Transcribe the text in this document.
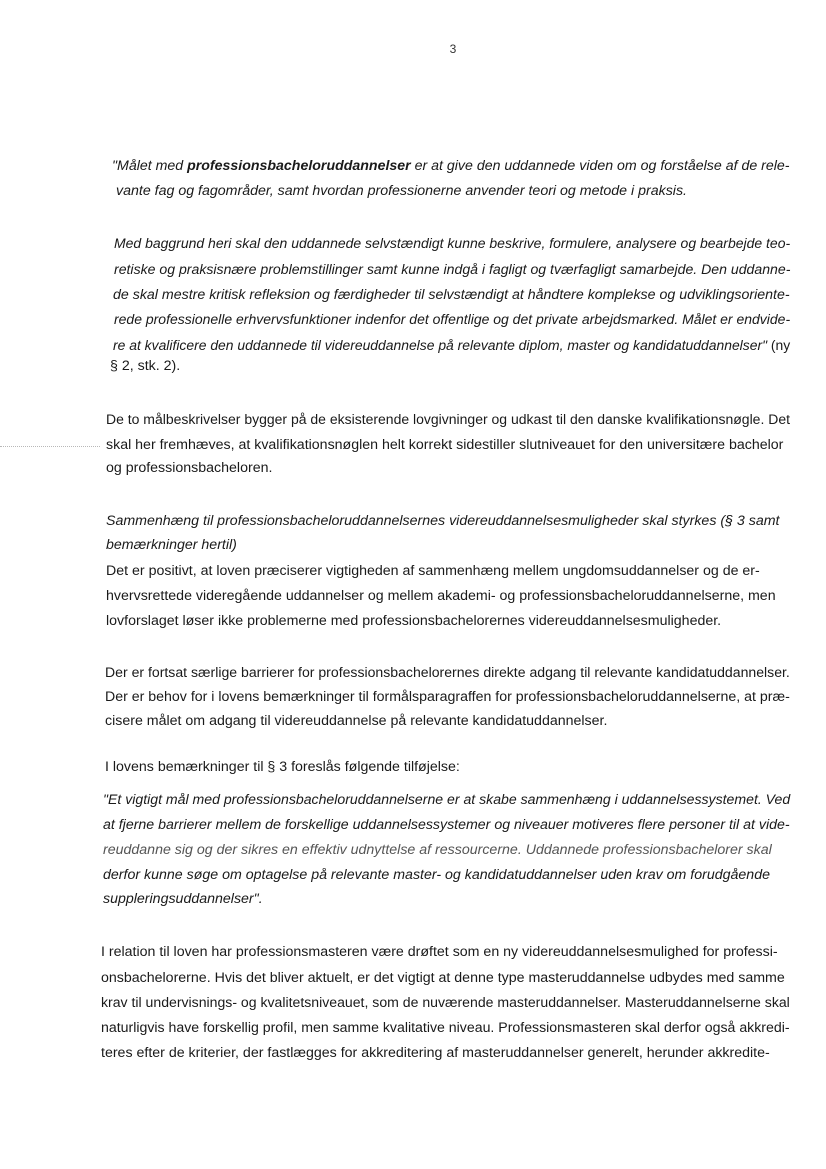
3
"Målet med professionsbacheloruddannelser er at give den uddannede viden om og forståelse af de rele-
vante fag og fagområder, samt hvordan professionerne anvender teori og metode i praksis.
Med baggrund heri skal den uddannede selvstændigt kunne beskrive, formulere, analysere og bearbejde teo-
retiske og praksisnære problemstillinger samt kunne indgå i fagligt og tværfagligt samarbejde. Den uddanne-
de skal mestre kritisk refleksion og færdigheder til selvstændigt at håndtere komplekse og udviklingsoriente-
rede professionelle erhvervsfunktioner indenfor det offentlige og det private arbejdsmarked. Målet er endvide-
re at kvalificere den uddannede til videreuddannelse på relevante diplom, master og kandidatuddannelser" (ny
§ 2, stk. 2).
De to målbeskrivelser bygger på de eksisterende lovgivninger og udkast til den danske kvalifikationsnøgle. Det
skal her fremhæves, at kvalifikationsnøglen helt korrekt sidestiller slutniveauet for den universitære bachelor
og professionsbacheloren.
Sammenhæng til professionsbacheloruddannelsernes videreuddannelsesmuligheder skal styrkes (§ 3 samt
bemærkninger hertil)
Det er positivt, at loven præciserer vigtigheden af sammenhæng mellem ungdomsuddannelser og de er-
hvervsrettede videregående uddannelser og mellem akademi- og professionsbacheloruddannelserne, men
lovforslaget løser ikke problemerne med professionsbachelorernes videreuddannelsesmuligheder.
Der er fortsat særlige barrierer for professionsbachelorernes direkte adgang til relevante kandidatuddannelser.
Der er behov for i lovens bemærkninger til formålsparagraffen for professionsbacheloruddannelserne, at præ-
cisere målet om adgang til videreuddannelse på relevante kandidatuddannelser.
I lovens bemærkninger til § 3 foreslås følgende tilføjelse:
"Et vigtigt mål med professionsbacheloruddannelserne er at skabe sammenhæng i uddannelsessystemet. Ved
at fjerne barrierer mellem de forskellige uddannelsessystemer og niveauer motiveres flere personer til at vide-
reuddanne sig og der sikres en effektiv udnyttelse af ressourcerne. Uddannede professionsbachelorer skal
derfor kunne søge om optagelse på relevante master- og kandidatuddannelser uden krav om forudgående
suppleringsuddannelser".
I relation til loven har professionsmasteren være drøftet som en ny videreuddannelsesmulighed for professi-
onsbachelorerne. Hvis det bliver aktuelt, er det vigtigt at denne type masteruddannelse udbydes med samme
krav til undervisnings- og kvalitetsniveauet, som de nuværende masteruddannelser. Masteruddannelserne skal
naturligvis have forskellig profil, men samme kvalitative niveau. Professionsmasteren skal derfor også akkredi-
teres efter de kriterier, der fastlægges for akkreditering af masteruddannelser generelt, herunder akkredite-
